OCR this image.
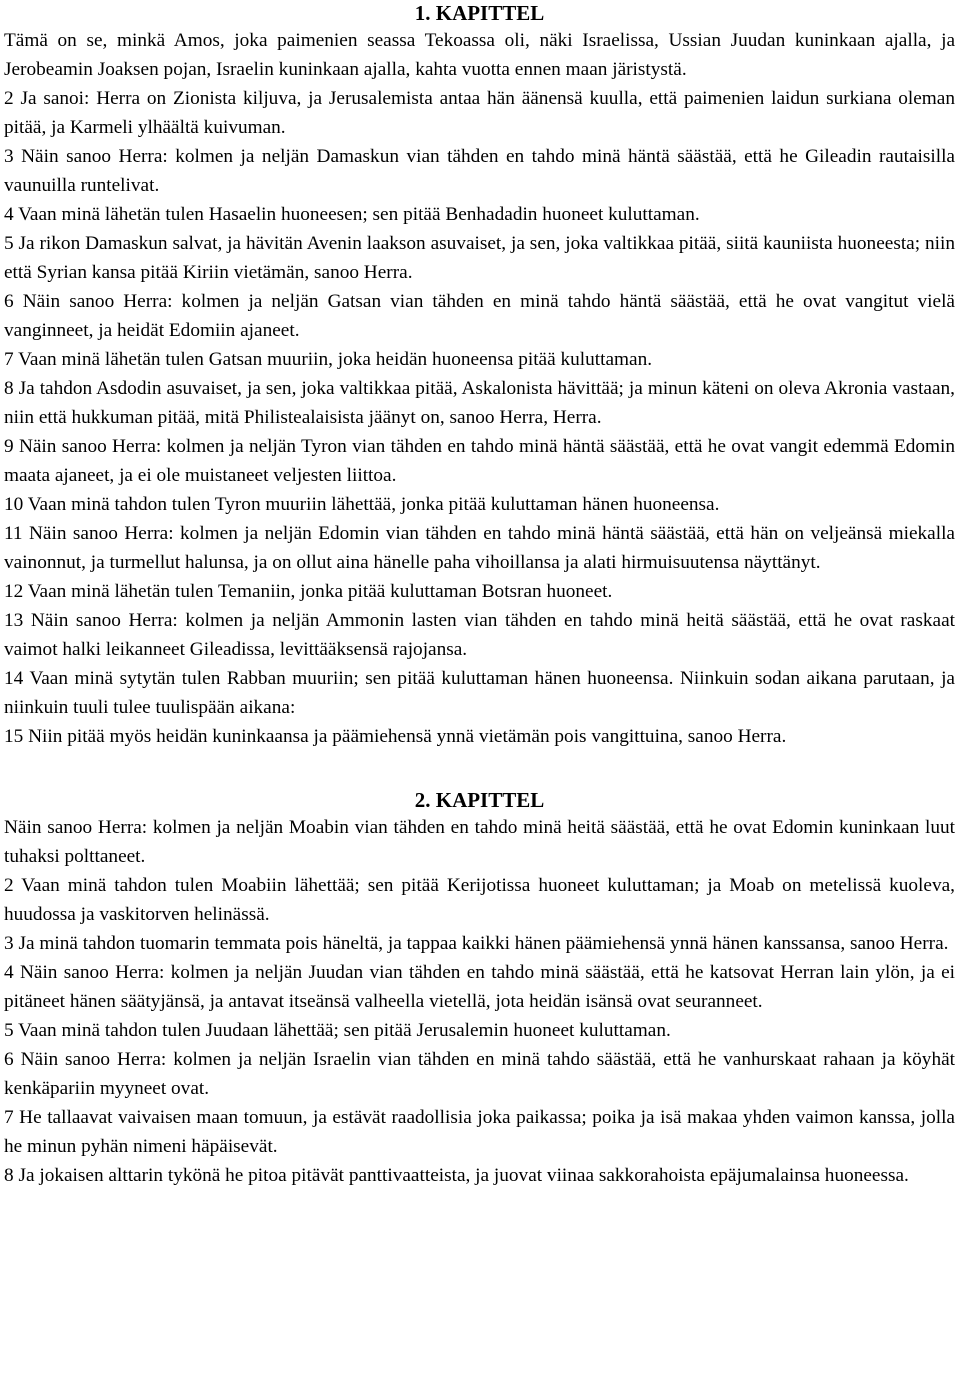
1. KAPITTEL

Tämä on se, minkä Amos, joka paimenien seassa Tekoassa oli, näki Israelissa, Ussian Juudan kuninkaan ajalla, ja Jerobeamin Joaksen pojan, Israelin kuninkaan ajalla, kahta vuotta ennen maan järistystä.

2 Ja sanoi: Herra on Zionista kiljuva, ja Jerusalemista antaa hän äänensä kuulla, että paimenien laidun surkiana oleman pitää, ja Karmeli ylhäältä kuivuman.

3 Näin sanoo Herra: kolmen ja neljän Damaskun vian tähden en tahdo minä häntä säästää, että he Gileadin rautaisilla vaunuilla runtelivat.

4 Vaan minä lähetän tulen Hasaelin huoneesen; sen pitää Benhadadin huoneet kuluttaman.

5 Ja rikon Damaskun salvat, ja hävitän Avenin laakson asuvaiset, ja sen, joka valtikkaa pitää, siitä kauniista huoneesta; niin että Syrian kansa pitää Kiriin vietämän, sanoo Herra.

6 Näin sanoo Herra: kolmen ja neljän Gatsan vian tähden en minä tahdo häntä säästää, että he ovat vangitut vielä vanginneet, ja heidät Edomiin ajaneet.

7 Vaan minä lähetän tulen Gatsan muuriin, joka heidän huoneensa pitää kuluttaman.

8 Ja tahdon Asdodin asuvaiset, ja sen, joka valtikkaa pitää, Askalonista hävittää; ja minun käteni on oleva Akronia vastaan, niin että hukkuman pitää, mitä Philistealaisista jäänyt on, sanoo Herra, Herra.

9 Näin sanoo Herra: kolmen ja neljän Tyron vian tähden en tahdo minä häntä säästää, että he ovat vangit edemmä Edomin maata ajaneet, ja ei ole muistaneet veljesten liittoa.

10 Vaan minä tahdon tulen Tyron muuriin lähettää, jonka pitää kuluttaman hänen huoneensa.

11 Näin sanoo Herra: kolmen ja neljän Edomin vian tähden en tahdo minä häntä säästää, että hän on veljeänsä miekalla vainonnut, ja turmellut halunsa, ja on ollut aina hänelle paha vihoillansa ja alati hirmuisuutensa näyttänyt.

12 Vaan minä lähetän tulen Temaniin, jonka pitää kuluttaman Botsran huoneet.

13 Näin sanoo Herra: kolmen ja neljän Ammonin lasten vian tähden en tahdo minä heitä säästää, että he ovat raskaat vaimot halki leikanneet Gileadissa, levittääksensä rajojansa.

14 Vaan minä sytytän tulen Rabban muuriin; sen pitää kuluttaman hänen huoneensa. Niinkuin sodan aikana parutaan, ja niinkuin tuuli tulee tuulispään aikana:

15 Niin pitää myös heidän kuninkaansa ja päämiehensä ynnä vietämän pois vangittuina, sanoo Herra.

2. KAPITTEL

Näin sanoo Herra: kolmen ja neljän Moabin vian tähden en tahdo minä heitä säästää, että he ovat Edomin kuninkaan luut tuhaksi polttaneet.

2 Vaan minä tahdon tulen Moabiin lähettää; sen pitää Kerijotissa huoneet kuluttaman; ja Moab on metelissä kuoleva, huudossa ja vaskitorven helinässä.

3 Ja minä tahdon tuomarin temmata pois häneltä, ja tappaa kaikki hänen päämiehensä ynnä hänen kanssansa, sanoo Herra.

4 Näin sanoo Herra: kolmen ja neljän Juudan vian tähden en tahdo minä säästää, että he katsovat Herran lain ylön, ja ei pitäneet hänen säätyjänsä, ja antavat itseänsä valheella vietellä, jota heidän isänsä ovat seuranneet.

5 Vaan minä tahdon tulen Juudaan lähettää; sen pitää Jerusalemin huoneet kuluttaman.

6 Näin sanoo Herra: kolmen ja neljän Israelin vian tähden en minä tahdo säästää, että he vanhurskaat rahaan ja köyhät kenkäpariin myyneet ovat.

7 He tallaavat vaivaisen maan tomuun, ja estävät raadollisia joka paikassa; poika ja isä makaa yhden vaimon kanssa, jolla he minun pyhän nimeni häpäisevät.

8 Ja jokaisen alttarin tykönä he pitoa pitävät panttivaatteista, ja juovat viinaa sakkorahoista epäjumalainsa huoneessa.
